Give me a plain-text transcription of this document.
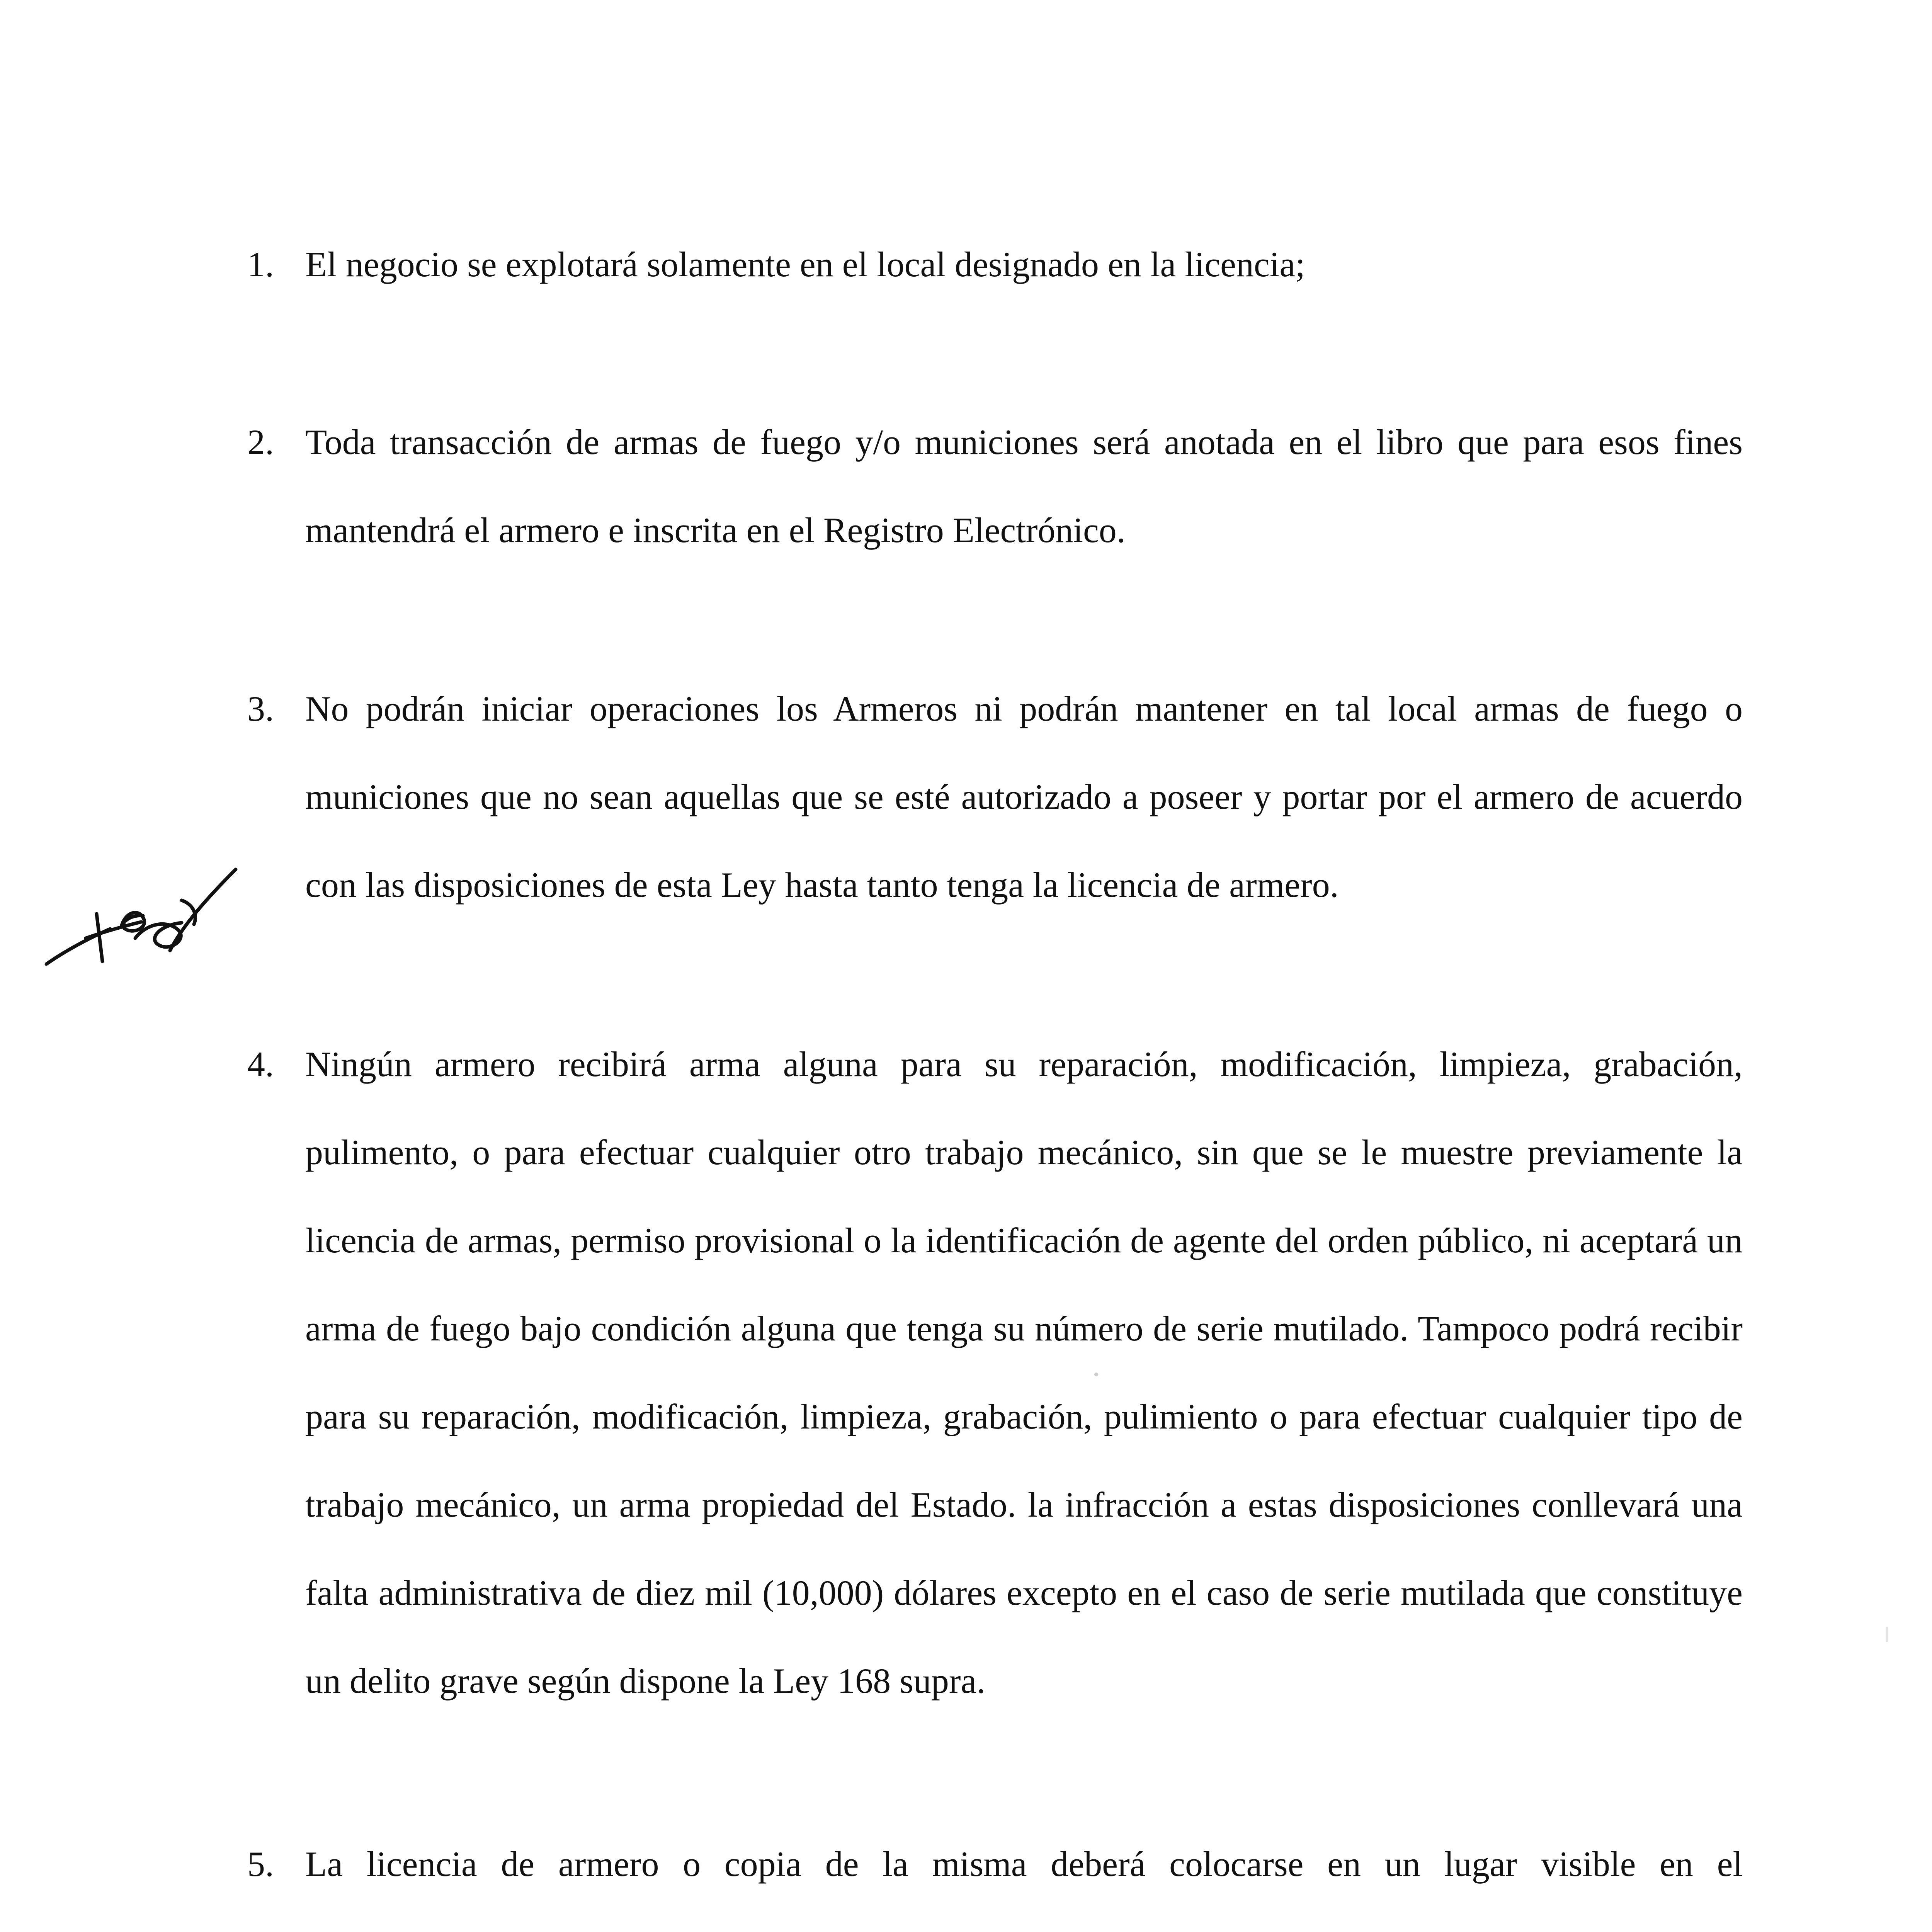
1. El negocio se explotará solamente en el local designado en la licencia;

2. Toda transacción de armas de fuego y/o municiones será anotada en el libro que para esos fines mantendrá el armero e inscrita en el Registro Electrónico.

3. No podrán iniciar operaciones los Armeros ni podrán mantener en tal local armas de fuego o municiones que no sean aquellas que se esté autorizado a poseer y portar por el armero de acuerdo con las disposiciones de esta Ley hasta tanto tenga la licencia de armero.

4. Ningún armero recibirá arma alguna para su reparación, modificación, limpieza, grabación, pulimento, o para efectuar cualquier otro trabajo mecánico, sin que se le muestre previamente la licencia de armas, permiso provisional o la identificación de agente del orden público, ni aceptará un arma de fuego bajo condición alguna que tenga su número de serie mutilado. Tampoco podrá recibir para su reparación, modificación, limpieza, grabación, pulimiento o para efectuar cualquier tipo de trabajo mecánico, un arma propiedad del Estado. la infracción a estas disposiciones conllevará una falta administrativa de diez mil (10,000) dólares excepto en el caso de serie mutilada que constituye un delito grave según dispone la Ley 168 supra.

5. La licencia de armero o copia de la misma deberá colocarse en un lugar visible en el
